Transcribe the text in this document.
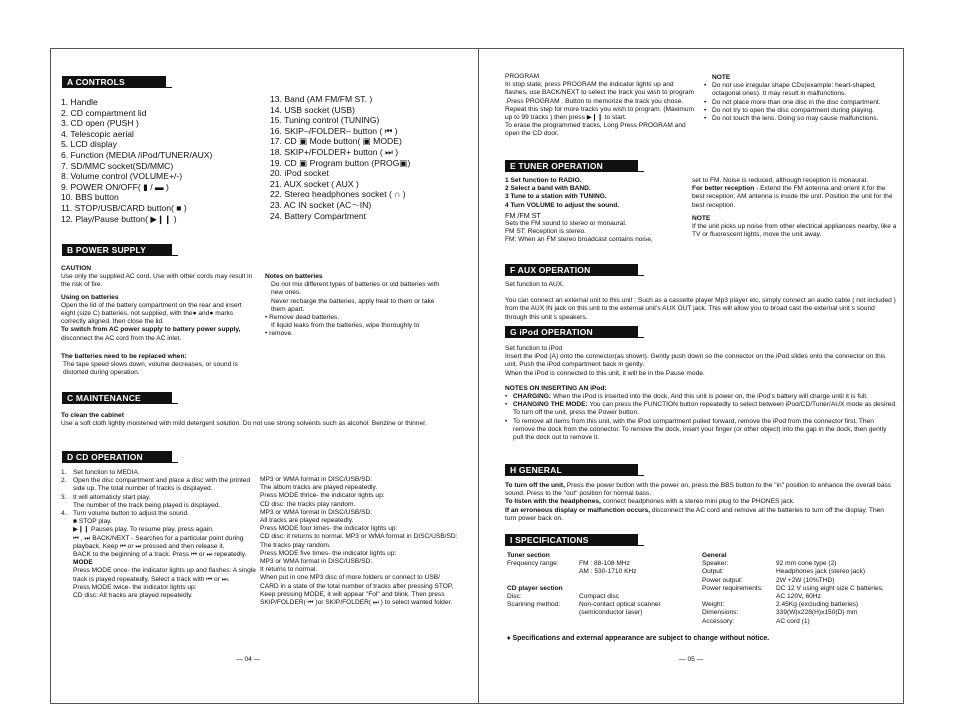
A CONTROLS
1. Handle
2. CD compartment lid
3. CD open (PUSH )
4. Telescopic aerial
5. LCD display
6. Function (MEDIA /iPod/TUNER/AUX)
7. SD/MMC socket(SD/MMC)
8. Volume control (VOLUME+/-)
9. POWER ON/OFF( ▮ / ▬ )
10. BBS button
11. STOP/USB/CARD button( ■ )
12. Play/Pause button( ▶❙❙ )
13. Band (AM FM/FM ST. )
14. USB socket (USB)
15. Tuning control (TUNING)
16. SKIP–/FOLDER– button ( ⏮ )
17. CD ▣ Mode button( ▣ MODE)
18. SKIP+/FOLDER+ button ( ⏭ )
19. CD ▣ Program button (PROG▣)
20. iPod socket
21. AUX socket ( AUX )
22. Stereo headphones socket ( ∩ )
23. AC IN socket (AC～IN)
24. Battery Compartment
B POWER SUPPLY
CAUTION
Use only the supplied AC cord. Use with other cords may result in the risk of fire.
Using on batteries
Open the lid of the battery compartment on the rear and insert eight (size C) batteries, not supplied, with the● and● marks correctly aligned. then close the lid.
To switch from AC power supply to battery power supply,
disconnect the AC cord from the AC inlet.
The batteries need to be replaced when:
The tape speed slows down, volume decreases, or sound is distorted during operation.
Notes on batteries
Do not mix different types of batteries or old batteries with new ones.
Never recharge the batteries, apply heat to them or take them apart.
• Remove dead batteries.
If liquid leaks from the batteries, wipe thoroughly to
• remove.
C MAINTENANCE
To clean the cabinet
Use a soft cloth lightly moistened with mild detergent solution. Do not use strong solvents such as alcohol. Benzine or thinner.
D CD OPERATION
1. Set function to MEDIA.
2. Open the disc compartment and place a disc with the printed side up. The total number of tracks is displayed.
3. It will altomaticly start play.
The number of the track being played is displayed.
4. Turn volume button to adjust the sound.
■ STOP play.
▶❙❙ Pauses play. To resume play, press again.
⏮ , ⏭ BACK/NEXT - Searches for a particular point during playback. Keep ⏮ or ⏭ pressed and then release it.
BACK to the beginning of a track. Press ⏮ or ⏭ repeatedly.
MODE
Press MODE once- the indicator lights up and flashes: A single track is played repeatedly. Select a track with ⏮ or ⏭.
Press MODE twice- the indicator lights up:
CD disc: All tracks are played repeatedly.
MP3 or WMA format in DISC/USB/SD:
The album tracks are played repeatedly.
Press MODE thrice- the indicator lights up:
CD disc: the tracks play random.
MP3 or WMA format in DISC/USB/SD:
All tracks are played repeatedly.
Press MODE four times- the indicator lights up:
CD disc: it returns to normal. MP3 or WMA format in DISC/USB/SD:
The tracks play random.
Press MODE five times- the indicator lights up:
MP3 or WMA format in DISC/USB/SD:
It returns to normal.
When put in one MP3 disc of more folders or connect to USB/ CARD in a state of the total number of tracks after pressing STOP, Keep pressing MODE, it will appear "Fol" and blink. Then press SKIP/FOLDER( ⏮ )or SKIP/FOLDER( ⏭ ) to select wanted folder.
— 04 —
PROGRAM
In stop state, press PROGRAM the indicator lights up and flashes, use BACK/NEXT to select the track you wish to program .Press PROGRAM . Button to memorize the track you chose. Repeat this step for more tracks you wish to program. (Maximum up to 99 tracks ) then press ▶❙❙ to start.
To erase the programmed tracks, Long Press PROGRAM and open the CD door.
NOTE
• Do not use irregular shape CDs(example: heart-shaped, octagonal ones). It may result in malfunctions.
• Do not place more than one disc in the disc compartment.
• Do not try to open the disc compartment during playing.
• Do not touch the lens. Doing so may cause malfunctions.
E TUNER OPERATION
1 Set function to RADIO.
2 Select a band with BAND.
3 Tune to a station with TUNING.
4 Turn VOLUME to adjust the sound.
FM /FM ST
Sets the FM sound to stereo or monaural.
FM ST: Reception is stereo.
FM: When an FM stereo broadcast contains noise,
set to FM. Noise is reduced, although reception is monaural.
For better reception - Extend the FM antenna and orient it for the best reception; AM antenna is inside the unit. Position the unit for the best reception.
NOTE
If the unit picks up noise from other electrical appliances nearby, like a TV or fluorescent lights, move the unit away.
F AUX OPERATION
Set function to AUX.
You can connect an external unit to this unit ; Such as a cassette player Mp3 player etc, simply connect an audio cable ( not included ) from the AUX IN jack on this unit to the external unit’s AUX OUT jack. This will allow you to broad cast the external unit s sound through this unit s speakers.
G iPod OPERATION
Set function to iPod
Insert the iPod (A) onto the connector(as shown). Gently push down so the connector on the iPod slides onto the connector on this unit. Push the iPod compartment back in gently.
When the iPod is connected to this unit, it will be in the Pause mode.
NOTES ON INSERTING AN iPod:
• CHARGING: When the iPod is inserted into the dock, And this unit is power on, the iPod’s battery will charge until it is full.
• CHANGING THE MODE: You can press the FUNCTION button repeatedly to select between iPod/CD/Tuner/AUX mode as desired. To turn off the unit, press the Power button.
• To remove all items from this unit, with the iPod compartment pulled forward, remove the iPod from the connector first. Then remove the dock from the connector. To remove the dock, insert your finger (or other object) into the gap in the dock, then gently pull the dock out to remove it.
H GENERAL
To turn off the unit, Press the power button with the power on, press the BBS button to the "in" position to enhance the overall bass sound. Press to the "out" position for normal bass.
To listen with the headphones, connect headphones with a stereo mini plug to the PHONES jack.
If an erroneous display or malfunction occurs, disconnect the AC cord and remove all the batteries to turn off the display. Then turn power back on.
I SPECIFICATIONS
Tuner section
Frequency range:	FM : 88-108 MHz
AM : 530-1710 KHz
CD player section
Disc:	Compact disc
Scanning method:	Non-contact optical scanner (semiconductor laser)
General
Speaker:	92 mm cone type (2)
Output:	Headphones jack (stereo jack)
Power output:	2W +2W (10%THD)
Power requirements:	DC 12 V using eight size C batteries,
AC 120V, 60Hz
Weight:	2.45Kg (excluding batteries)
Dimensions:	339(W)x228(H)x150(D) mm
Accessory:	AC cord (1)
♦ Specifications and external appearance are subject to change without notice.
— 05 —
